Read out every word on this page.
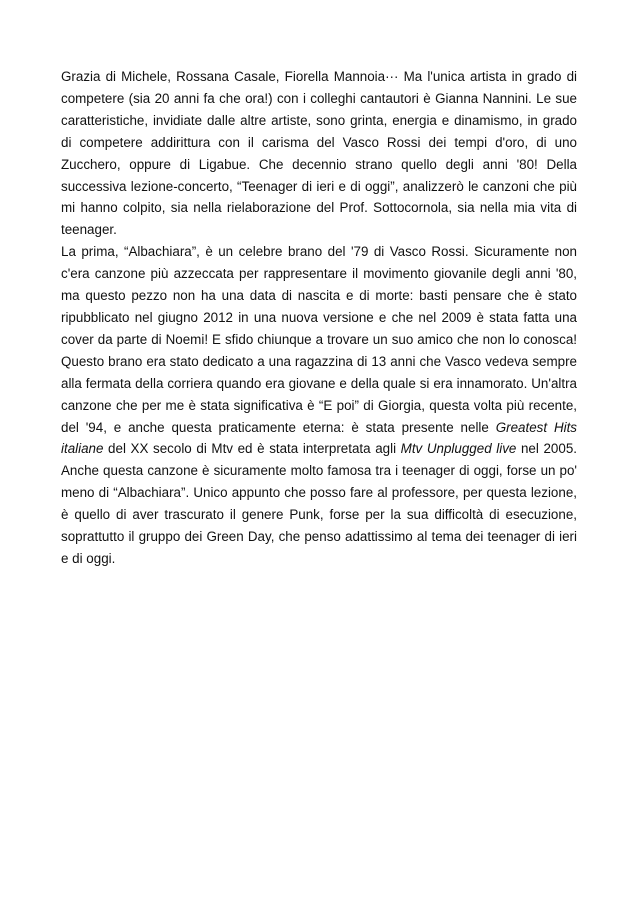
Grazia di Michele, Rossana Casale, Fiorella Mannoia··· Ma l'unica artista in grado di competere (sia 20 anni fa che ora!) con i colleghi cantautori è Gianna Nannini. Le sue caratteristiche, invidiate dalle altre artiste, sono grinta, energia e dinamismo, in grado di competere addirittura con il carisma del Vasco Rossi dei tempi d'oro, di uno Zucchero, oppure di Ligabue. Che decennio strano quello degli anni '80! Della successiva lezione-concerto, “Teenager di ieri e di oggi”, analizzerò le canzoni che più mi hanno colpito, sia nella rielaborazione del Prof. Sottocornola, sia nella mia vita di teenager.

La prima, “Albachiara”, è un celebre brano del '79 di Vasco Rossi. Sicuramente non c'era canzone più azzeccata per rappresentare il movimento giovanile degli anni '80, ma questo pezzo non ha una data di nascita e di morte: basti pensare che è stato ripubblicato nel giugno 2012 in una nuova versione e che nel 2009 è stata fatta una cover da parte di Noemi! E sfido chiunque a trovare un suo amico che non lo conosca! Questo brano era stato dedicato a una ragazzina di 13 anni che Vasco vedeva sempre alla fermata della corriera quando era giovane e della quale si era innamorato. Un'altra canzone che per me è stata significativa è “E poi” di Giorgia, questa volta più recente, del '94, e anche questa praticamente eterna: è stata presente nelle Greatest Hits italiane del XX secolo di Mtv ed è stata interpretata agli Mtv Unplugged live nel 2005. Anche questa canzone è sicuramente molto famosa tra i teenager di oggi, forse un po' meno di “Albachiara”. Unico appunto che posso fare al professore, per questa lezione, è quello di aver trascurato il genere Punk, forse per la sua difficoltà di esecuzione, soprattutto il gruppo dei Green Day, che penso adattissimo al tema dei teenager di ieri e di oggi.
